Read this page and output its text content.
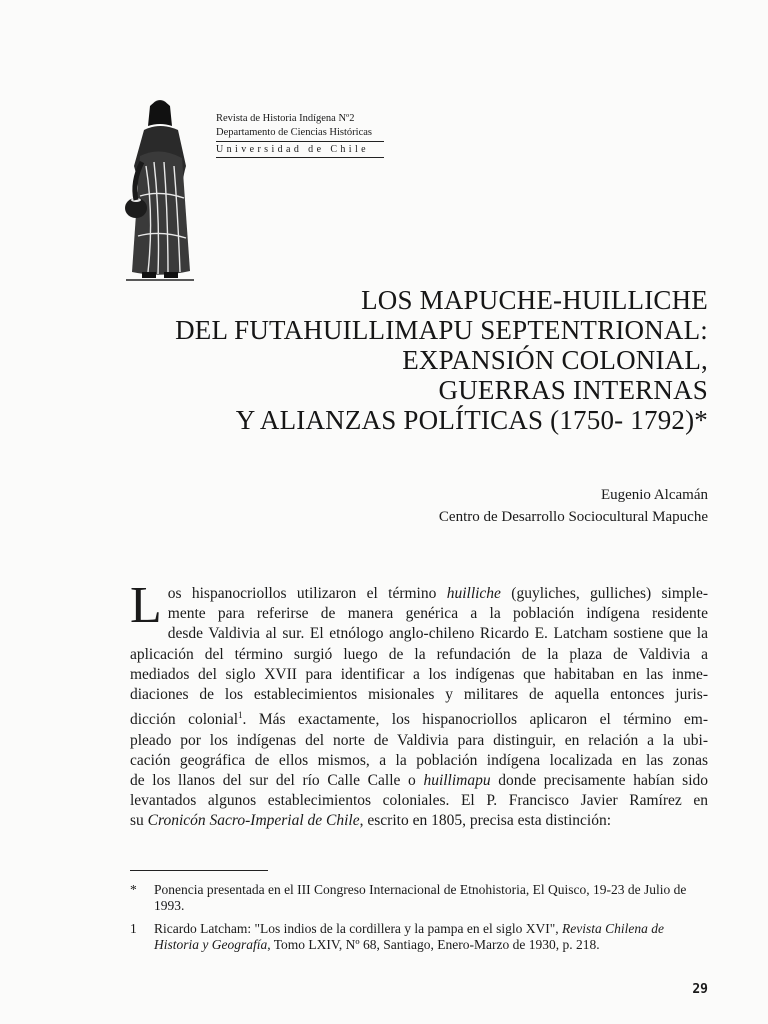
Revista de Historia Indígena Nº2
Departamento de Ciencias Históricas
Universidad de Chile
LOS MAPUCHE-HUILLICHE
DEL FUTAHUILLIMAPU SEPTENTRIONAL:
EXPANSIÓN COLONIAL,
GUERRAS INTERNAS
Y ALIANZAS POLÍTICAS (1750- 1792)*
Eugenio Alcamán
Centro de Desarrollo Sociocultural Mapuche
L os hispanocriollos utilizaron el término huilliche (guyliches, gulliches) simple-
mente para referirse de manera genérica a la población indígena residente
desde Valdivia al sur. El etnólogo anglo-chileno Ricardo E. Latcham sostiene que la
aplicación del término surgió luego de la refundación de la plaza de Valdivia a
mediados del siglo XVII para identificar a los indígenas que habitaban en las inme-
diaciones de los establecimientos misionales y militares de aquella entonces juris-
dicción colonial$^1$. Más exactamente, los hispanocriollos aplicaron el término em-
pleado por los indígenas del norte de Valdivia para distinguir, en relación a la ubi-
cación geográfica de ellos mismos, a la población indígena localizada en las zonas
de los llanos del sur del río Calle Calle o huillimapu donde precisamente habían sido
levantados algunos establecimientos coloniales. El P. Francisco Javier Ramírez en
su Cronicón Sacro-Imperial de Chile, escrito en 1805, precisa esta distinción:
* Ponencia presentada en el III Congreso Internacional de Etnohistoria, El Quisco, 19-23 de Julio de 1993.
1 Ricardo Latcham: "Los indios de la cordillera y la pampa en el siglo XVI", Revista Chilena de Historia y Geografía, Tomo LXIV, Nº 68, Santiago, Enero-Marzo de 1930, p. 218.
29
